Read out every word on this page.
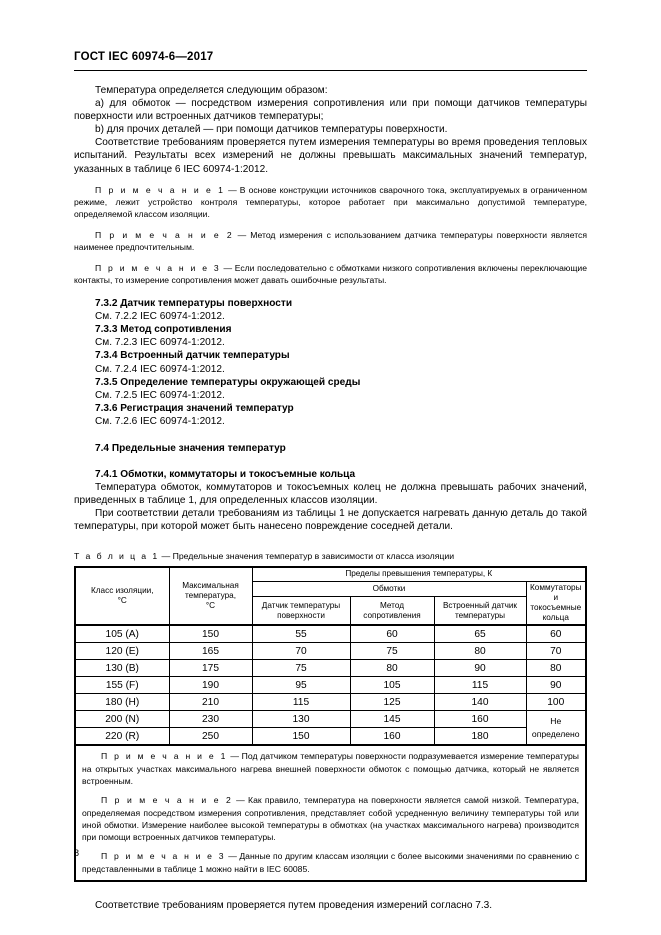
ГОСТ IEC 60974-6—2017

Температура определяется следующим образом:

a) для обмоток — посредством измерения сопротивления или при помощи датчиков температуры поверхности или встроенных датчиков температуры;

b) для прочих деталей — при помощи датчиков температуры поверхности.

Соответствие требованиям проверяется путем измерения температуры во время проведения тепловых испытаний. Результаты всех измерений не должны превышать максимальных значений температур, указанных в таблице 6 IEC 60974-1:2012.

П р и м е ч а н и е 1 — В основе конструкции источников сварочного тока, эксплуатируемых в ограниченном режиме, лежит устройство контроля температуры, которое работает при максимально допустимой температуре, определяемой классом изоляции.
П р и м е ч а н и е 2 — Метод измерения с использованием датчика температуры поверхности является наименее предпочтительным.
П р и м е ч а н и е 3 — Если последовательно с обмотками низкого сопротивления включены переключающие контакты, то измерение сопротивления может давать ошибочные результаты.
7.3.2 Датчик температуры поверхности

См. 7.2.2 IEC 60974-1:2012.

7.3.3 Метод сопротивления

См. 7.2.3 IEC 60974-1:2012.

7.3.4 Встроенный датчик температуры

См. 7.2.4 IEC 60974-1:2012.

7.3.5 Определение температуры окружающей среды

См. 7.2.5 IEC 60974-1:2012.

7.3.6 Регистрация значений температур

См. 7.2.6 IEC 60974-1:2012.

7.4 Предельные значения температур
7.4.1 Обмотки, коммутаторы и токосъемные кольца

Температура обмоток, коммутаторов и токосъемных колец не должна превышать рабочих значений, приведенных в таблице 1, для определенных классов изоляции.

При соответствии детали требованиям из таблицы 1 не допускается нагревать данную деталь до такой температуры, при которой может быть нанесено повреждение соседней детали.

Т а б л и ц а 1 — Предельные значения температур в зависимости от класса изоляции
Класс изоляции,
°C	Максимальная
температура,
°C	Пределы превышения температуры, К			
		Обмотки			Коммутаторы
и токосъемные
кольца
		Датчик температуры
поверхности	Метод
сопротивления	Встроенный датчик
температуры	
105 (A)	150	55	60	65	60
120 (E)	165	70	75	80	70
130 (B)	175	75	80	90	80
155 (F)	190	95	105	115	90
180 (H)	210	115	125	140	100
200 (N)	230	130	145	160	Не определено
220 (R)	250	150	160	180	

П р и м е ч а н и е 1 — Под датчиком температуры поверхности подразумевается измерение температуры на открытых участках максимального нагрева внешней поверхности обмоток с помощью датчика, который не является встроенным.

П р и м е ч а н и е 2 — Как правило, температура на поверхности является самой низкой. Температура, определяемая посредством измерения сопротивления, представляет собой усредненную величину температуры той или иной обмотки. Измерение наиболее высокой температуры в обмотках (на участках максимального нагрева) производится при помощи встроенных датчиков температуры.

П р и м е ч а н и е 3 — Данные по другим классам изоляции с более высокими значениями по сравнению с представленными в таблице 1 можно найти в IEC 60085.					

Соответствие требованиям проверяется путем проведения измерений согласно 7.3.

8
